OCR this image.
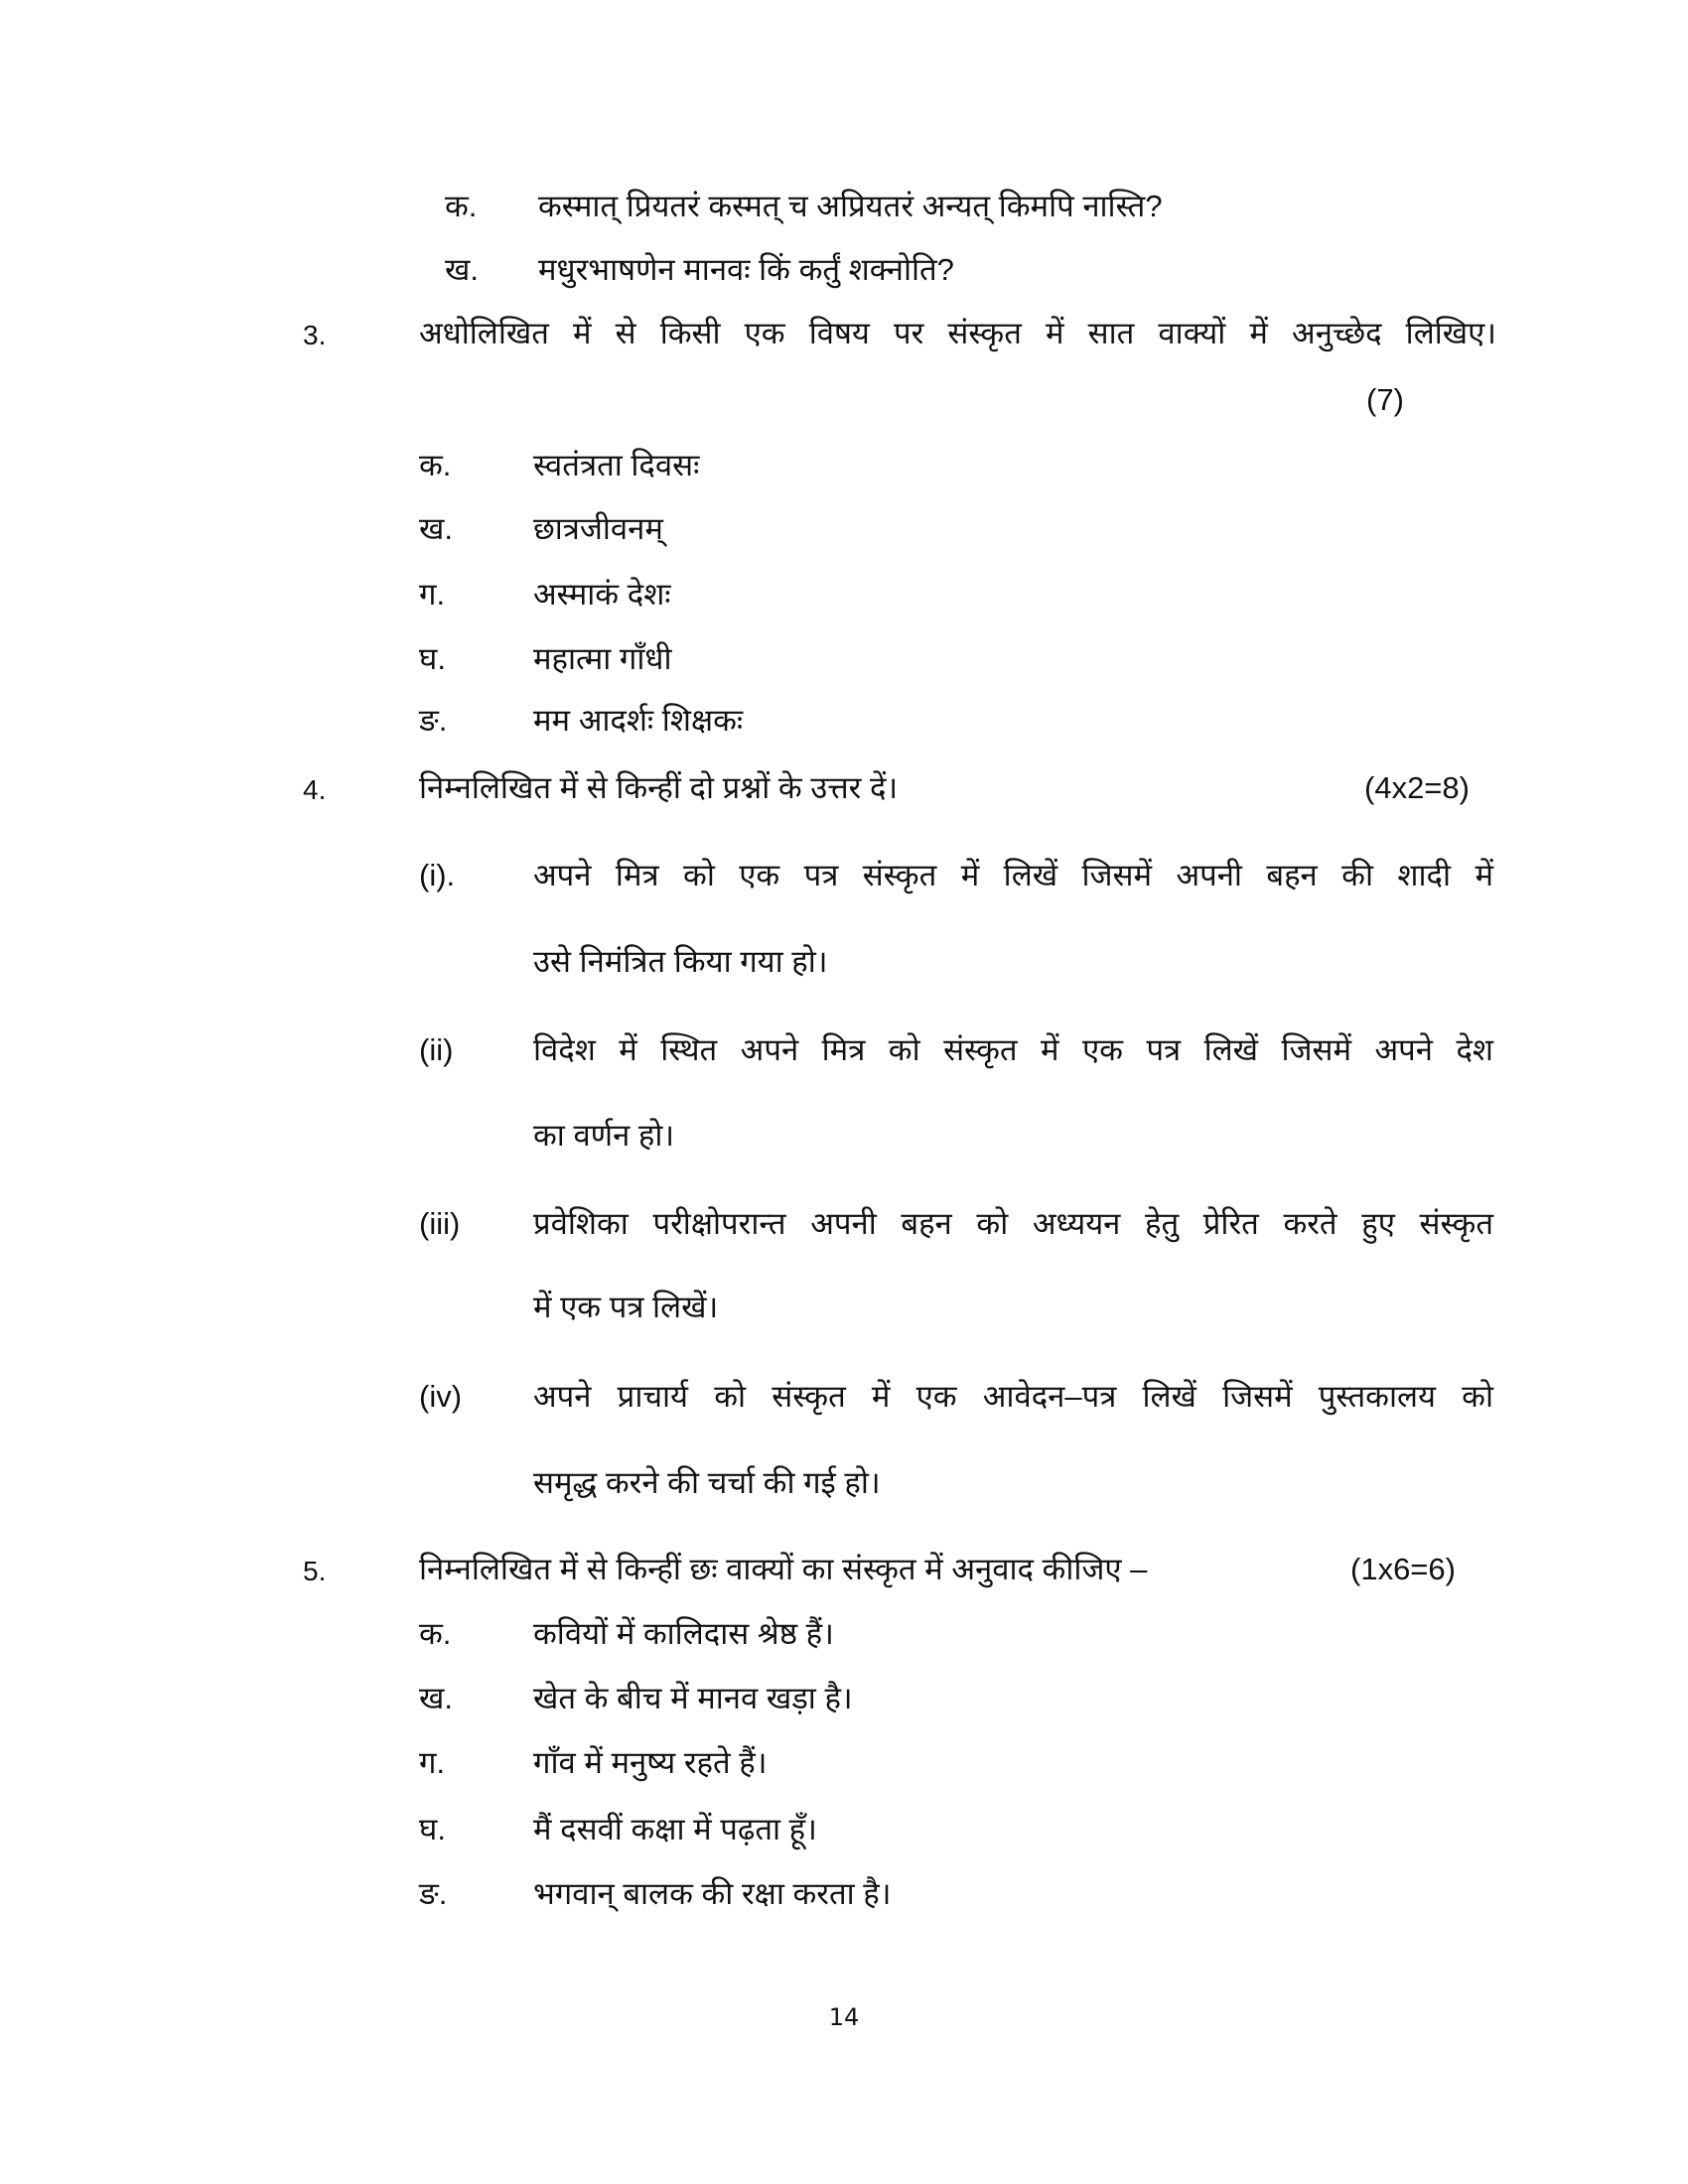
क. कस्मात् प्रियतरं कस्मत् च अप्रियतरं अन्यत् किमपि नास्ति?
ख. मधुरभाषणेन मानवः किं कर्तुं शक्नोति?
3.	अधोलिखित में से किसी एक विषय पर संस्कृत में सात वाक्यों में अनुच्छेद लिखिए।
(7)
क.	स्वतंत्रता दिवसः
ख.	छात्रजीवनम्
ग.	अस्माकं देशः
घ.	महात्मा गाँधी
ङ.	मम आदर्शः शिक्षकः
4.	निम्नलिखित में से किन्हीं दो प्रश्नों के उत्तर दें।	(4x2=8)
(i).	अपने मित्र को एक पत्र संस्कृत में लिखें जिसमें अपनी बहन की शादी में
उसे निमंत्रित किया गया हो।
(ii)	विदेश में स्थित अपने मित्र को संस्कृत में एक पत्र लिखें जिसमें अपने देश
का वर्णन हो।
(iii) प्रवेशिका परीक्षोपरान्त अपनी बहन को अध्ययन हेतु प्रेरित करते हुए संस्कृत
में एक पत्र लिखें।
(iv) अपने प्राचार्य को संस्कृत में एक आवेदन–पत्र लिखें जिसमें पुस्तकालय को
समृद्ध करने की चर्चा की गई हो।
5.	निम्नलिखित में से किन्हीं छः वाक्यों का संस्कृत में अनुवाद कीजिए –	(1x6=6)
क.	कवियों में कालिदास श्रेष्ठ हैं।
ख.	खेत के बीच में मानव खड़ा है।
ग.	गाँव में मनुष्य रहते हैं।
घ.	मैं दसवीं कक्षा में पढ़ता हूँ।
ङ.	भगवान् बालक की रक्षा करता है।
14
